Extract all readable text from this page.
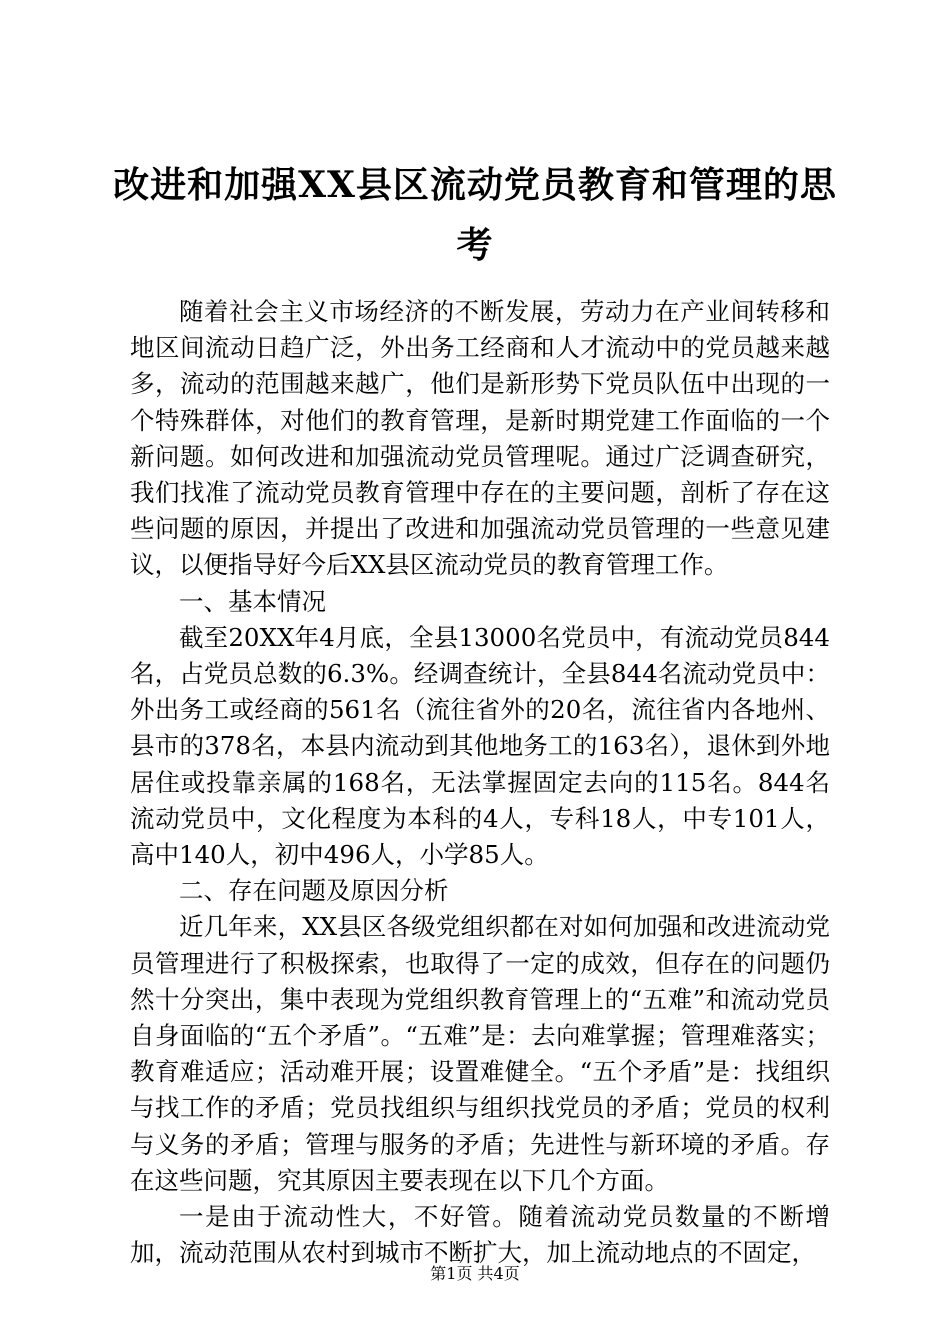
改进和加强XX县区流动党员教育和管理的思
考

随着社会主义市场经济的不断发展，劳动力在产业间转移和地区间流动日趋广泛，外出务工经商和人才流动中的党员越来越多，流动的范围越来越广，他们是新形势下党员队伍中出现的一个特殊群体，对他们的教育管理，是新时期党建工作面临的一个新问题。如何改进和加强流动党员管理呢。通过广泛调查研究，我们找准了流动党员教育管理中存在的主要问题，剖析了存在这些问题的原因，并提出了改进和加强流动党员管理的一些意见建议，以便指导好今后XX县区流动党员的教育管理工作。

一、基本情况

截至20XX年4月底，全县13000名党员中，有流动党员844名，占党员总数的6.3%。经调查统计，全县844名流动党员中：外出务工或经商的561名（流往省外的20名，流往省内各地州、县市的378名，本县内流动到其他地务工的163名），退休到外地居住或投靠亲属的168名，无法掌握固定去向的115名。844名流动党员中，文化程度为本科的4人，专科18人，中专101人，高中140人，初中496人，小学85人。

二、存在问题及原因分析

近几年来，XX县区各级党组织都在对如何加强和改进流动党员管理进行了积极探索，也取得了一定的成效，但存在的问题仍然十分突出，集中表现为党组织教育管理上的“五难”和流动党员自身面临的“五个矛盾”。“五难”是：去向难掌握；管理难落实；教育难适应；活动难开展；设置难健全。“五个矛盾”是：找组织与找工作的矛盾；党员找组织与组织找党员的矛盾；党员的权利与义务的矛盾；管理与服务的矛盾；先进性与新环境的矛盾。存在这些问题，究其原因主要表现在以下几个方面。

一是由于流动性大，不好管。随着流动党员数量的不断增加，流动范围从农村到城市不断扩大，加上流动地点的不固定，

第1页 共4页
